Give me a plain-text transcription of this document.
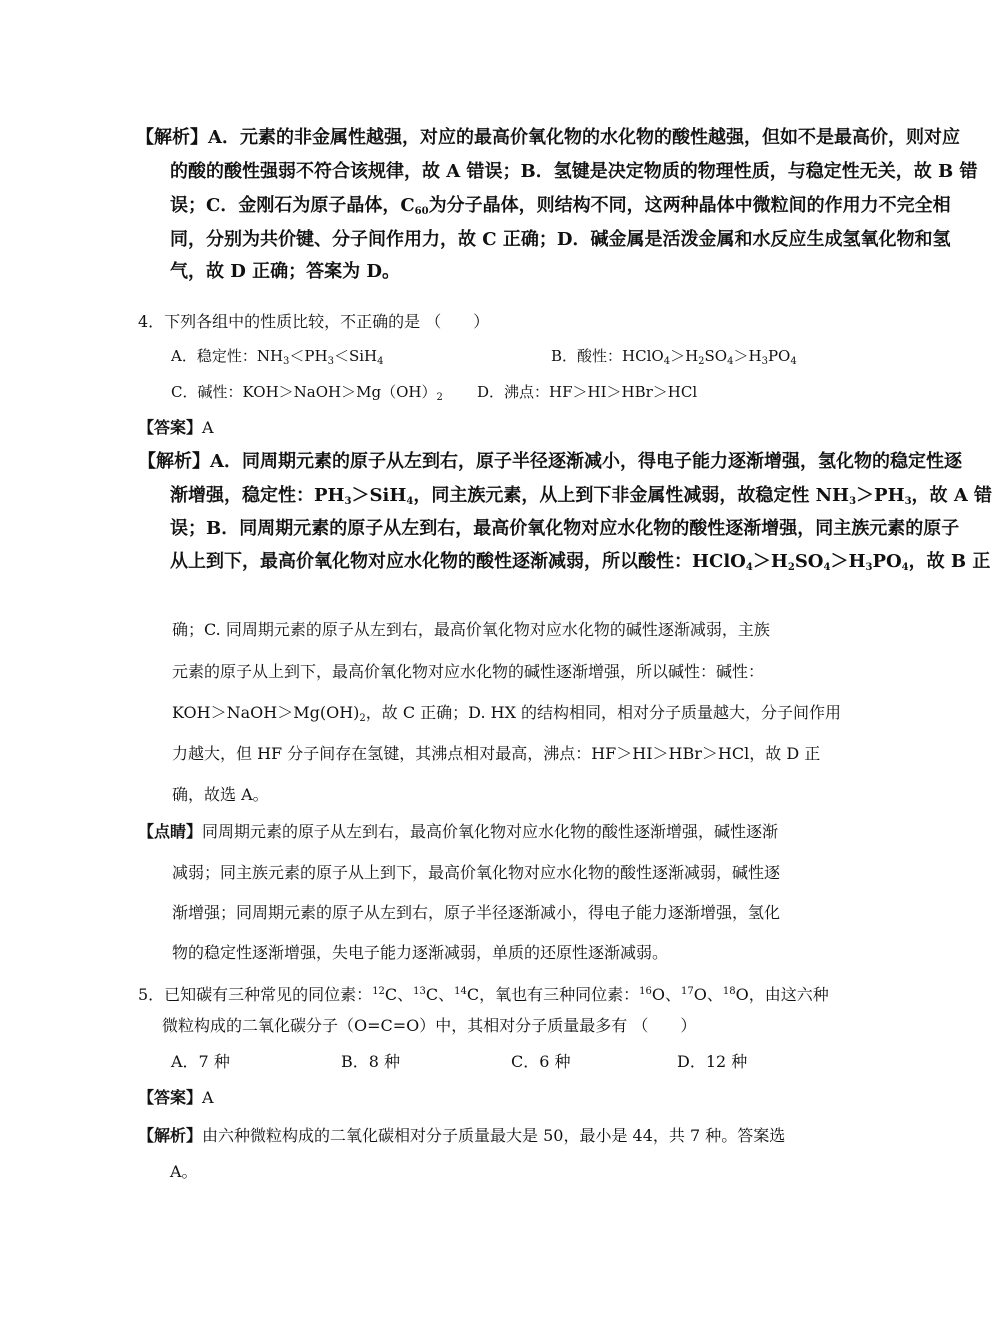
【解析】A．元素的非金属性越强，对应的最高价氧化物的水化物的酸性越强，但如不是最高价，则对应
的酸的酸性强弱不符合该规律，故 A 错误；B．氢键是决定物质的物理性质，与稳定性无关，故 B 错
误；C．金刚石为原子晶体，$C_{60}$为分子晶体，则结构不同，这两种晶体中微粒间的作用力不完全相
同，分别为共价键、分子间作用力，故 C 正确；D．碱金属是活泼金属和水反应生成氢氧化物和氢
气，故 D 正确；答案为 D。
4．下列各组中的性质比较，不正确的是 （　　）
A．稳定性：$NH_3<PH_3<SiH_4$	B．酸性：$HClO_4>H_2SO_4>H_3PO_4$
C．碱性：$KOH>NaOH>Mg(OH)_2$ D．沸点：HF＞HI＞HBr＞HCl
【答案】A
【解析】A．同周期元素的原子从左到右，原子半径逐渐减小，得电子能力逐渐增强，氢化物的稳定性逐
渐增强，稳定性：$PH_3>SiH_4$，同主族元素，从上到下非金属性减弱，故稳定性 $NH_3>PH_3$，故 A 错
误；B．同周期元素的原子从左到右，最高价氧化物对应水化物的酸性逐渐增强，同主族元素的原子
从上到下，最高价氧化物对应水化物的酸性逐渐减弱，所以酸性：$HClO_4>H_2SO_4>H_3PO_4$，故 B 正
确；C. 同周期元素的原子从左到右，最高价氧化物对应水化物的碱性逐渐减弱，主族
元素的原子从上到下，最高价氧化物对应水化物的碱性逐渐增强，所以碱性：碱性：
$KOH>NaOH>Mg(OH)_2$，故 C 正确；D. HX 的结构相同，相对分子质量越大，分子间作用
力越大，但 HF 分子间存在氢键，其沸点相对最高，沸点：HF＞HI＞HBr＞HCl，故 D 正
确，故选 A。
【点睛】同周期元素的原子从左到右，最高价氧化物对应水化物的酸性逐渐增强，碱性逐渐
减弱；同主族元素的原子从上到下，最高价氧化物对应水化物的酸性逐渐减弱，碱性逐
渐增强；同周期元素的原子从左到右，原子半径逐渐减小，得电子能力逐渐增强，氢化
物的稳定性逐渐增强，失电子能力逐渐减弱，单质的还原性逐渐减弱。
5．已知碳有三种常见的同位素：$^{12}$C、$^{13}$C、$^{14}$C，氧也有三种同位素：$^{16}$O、$^{17}$O、$^{18}$O，由这六种
微粒构成的二氧化碳分子（O=C=O）中，其相对分子质量最多有 （　　）
A．7 种	B．8 种	C．6 种	D．12 种
【答案】A
【解析】由六种微粒构成的二氧化碳相对分子质量最大是 50，最小是 44，共 7 种。答案选
A。
